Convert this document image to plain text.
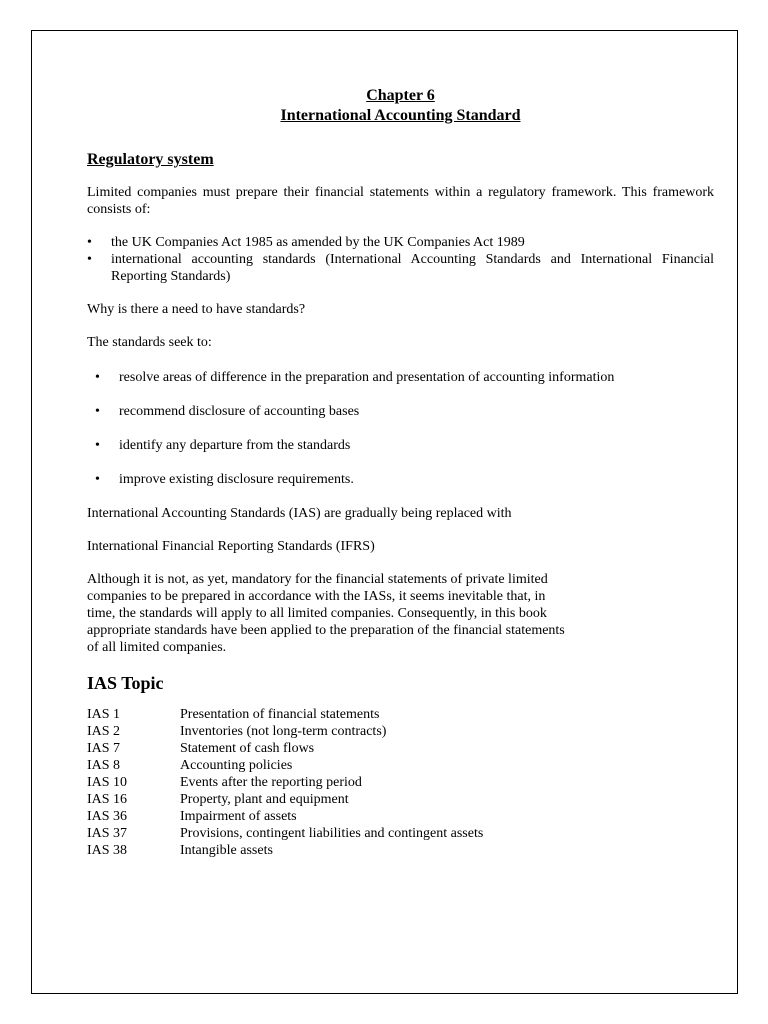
Chapter 6

International Accounting Standard

Regulatory system

Limited companies must prepare their financial statements within a regulatory framework. This framework consists of:

• the UK Companies Act 1985 as amended by the UK Companies Act 1989
• international accounting standards (International Accounting Standards and International Financial Reporting Standards)

Why is there a need to have standards?

The standards seek to:

• resolve areas of difference in the preparation and presentation of accounting information
• recommend disclosure of accounting bases
• identify any departure from the standards
• improve existing disclosure requirements.

International Accounting Standards (IAS) are gradually being replaced with

International Financial Reporting Standards (IFRS)

Although it is not, as yet, mandatory for the financial statements of private limited
companies to be prepared in accordance with the IASs, it seems inevitable that, in
time, the standards will apply to all limited companies. Consequently, in this book
appropriate standards have been applied to the preparation of the financial statements
of all limited companies.

IAS Topic

IAS 1	Presentation of financial statements
IAS 2	Inventories (not long-term contracts)
IAS 7	Statement of cash flows
IAS 8	Accounting policies
IAS 10	Events after the reporting period
IAS 16	Property, plant and equipment
IAS 36	Impairment of assets
IAS 37	Provisions, contingent liabilities and contingent assets
IAS 38	Intangible assets
